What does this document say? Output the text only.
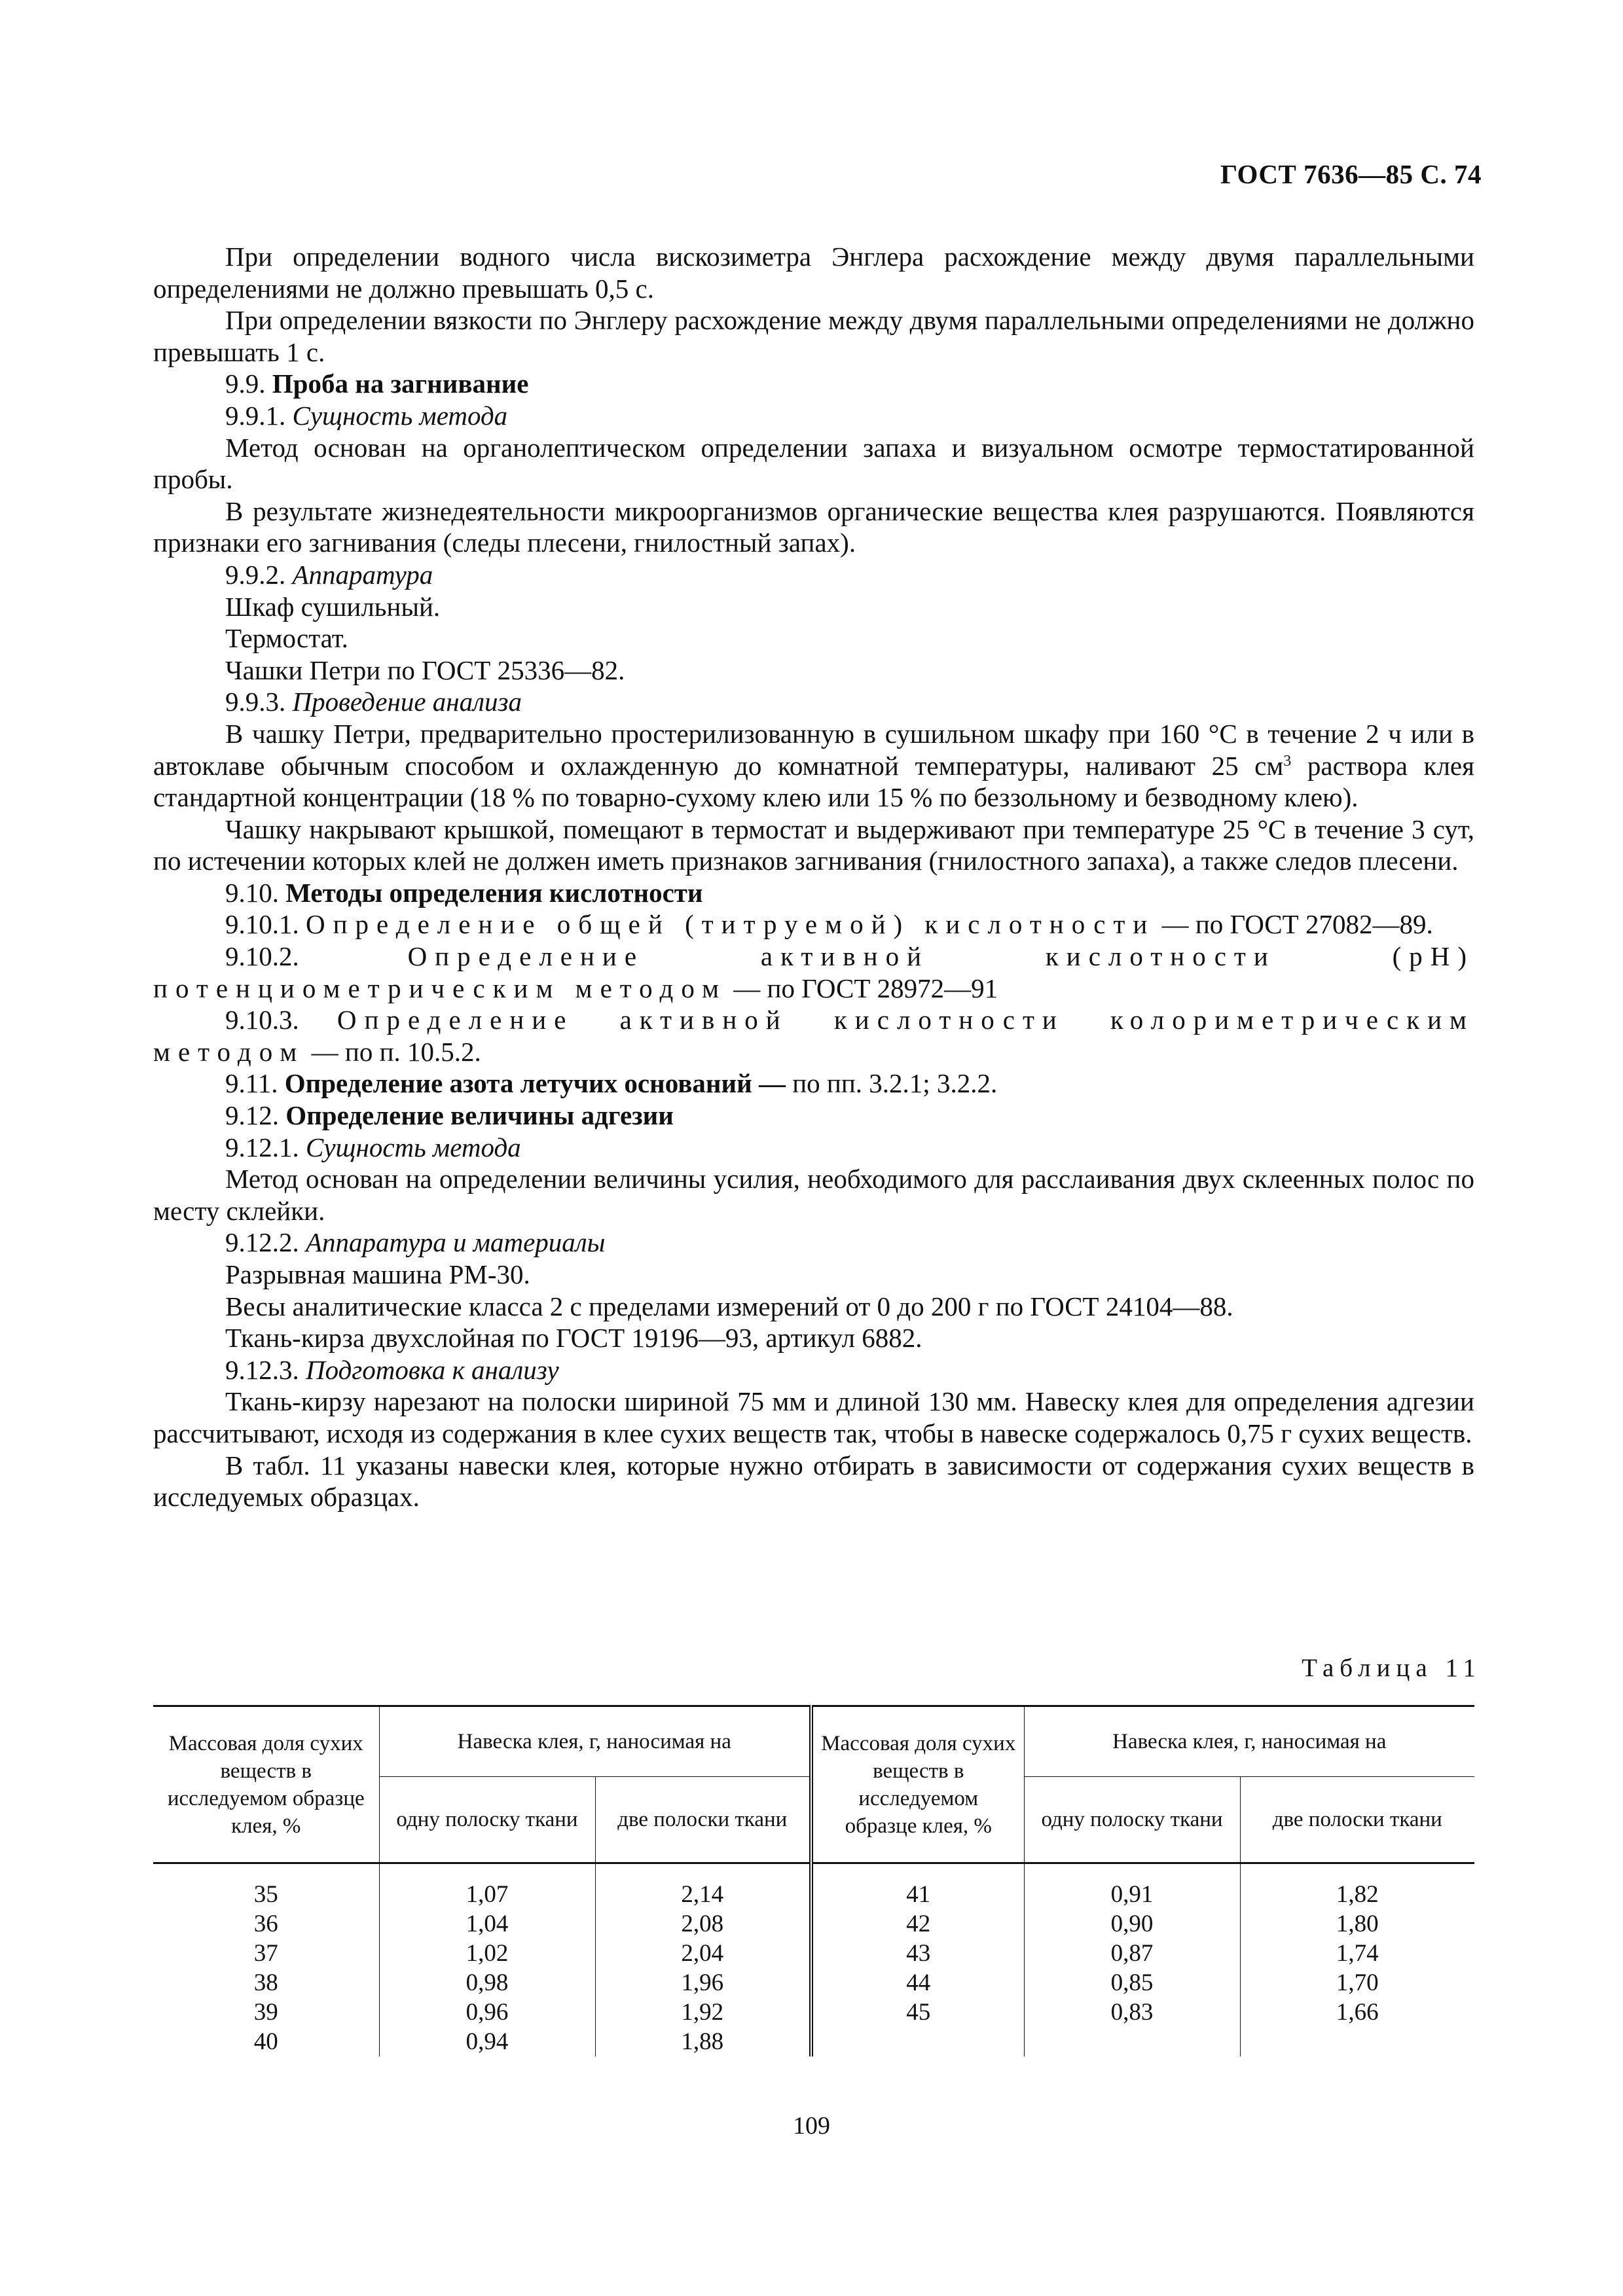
ГОСТ 7636—85 С. 74

При определении водного числа вискозиметра Энглера расхождение между двумя параллельными определениями не должно превышать 0,5 с.

При определении вязкости по Энглеру расхождение между двумя параллельными определениями не должно превышать 1 с.

9.9. Проба на загнивание

9.9.1. Сущность метода

Метод основан на органолептическом определении запаха и визуальном осмотре термостатированной пробы.

В результате жизнедеятельности микроорганизмов органические вещества клея разрушаются. Появляются признаки его загнивания (следы плесени, гнилостный запах).

9.9.2. Аппаратура

Шкаф сушильный.

Термостат.

Чашки Петри по ГОСТ 25336—82.

9.9.3. Проведение анализа

В чашку Петри, предварительно простерилизованную в сушильном шкафу при 160 °С в течение 2 ч или в автоклаве обычным способом и охлажденную до комнатной температуры, наливают 25 $см^3$ раствора клея стандартной концентрации (18 % по товарно-сухому клею или 15 % по беззольному и безводному клею).

Чашку накрывают крышкой, помещают в термостат и выдерживают при температуре 25 °С в течение 3 сут, по истечении которых клей не должен иметь признаков загнивания (гнилостного запаха), а также следов плесени.

9.10. Методы определения кислотности

9.10.1. Определение общей (титруемой) кислотности — по ГОСТ 27082—89.

9.10.2.	Определение активной кислотности (pH) потенциометрическим методом — по ГОСТ 28972—91

9.10.3. Определение активной кислотности колориметрическим методом — по п. 10.5.2.

9.11. Определение азота летучих оснований — по пп. 3.2.1; 3.2.2.

9.12. Определение величины адгезии

9.12.1. Сущность метода

Метод основан на определении величины усилия, необходимого для расслаивания двух склеенных полос по месту склейки.

9.12.2. Аппаратура и материалы

Разрывная машина РМ-30.

Весы аналитические класса 2 с пределами измерений от 0 до 200 г по ГОСТ 24104—88.

Ткань-кирза двухслойная по ГОСТ 19196—93, артикул 6882.

9.12.3. Подготовка к анализу

Ткань-кирзу нарезают на полоски шириной 75 мм и длиной 130 мм. Навеску клея для определения адгезии рассчитывают, исходя из содержания в клее сухих веществ так, чтобы в навеске содержалось 0,75 г сухих веществ.

В табл. 11 указаны навески клея, которые нужно отбирать в зависимости от содержания сухих веществ в исследуемых образцах.

Таблица 11
Массовая доля сухих веществ в исследуемом образце клея, %	Навеска клея, г, наносимая на		Массовая доля сухих веществ в исследуемом образце клея, %	Навеска клея, г, наносимая на	
	одну полоску ткани	две полоски ткани		одну полоску ткани	две полоски ткани
35	1,07	2,14	41	0,91	1,82
36	1,04	2,08	42	0,90	1,80
37	1,02	2,04	43	0,87	1,74
38	0,98	1,96	44	0,85	1,70
39	0,96	1,92	45	0,83	1,66
40	0,94	1,88			
109
